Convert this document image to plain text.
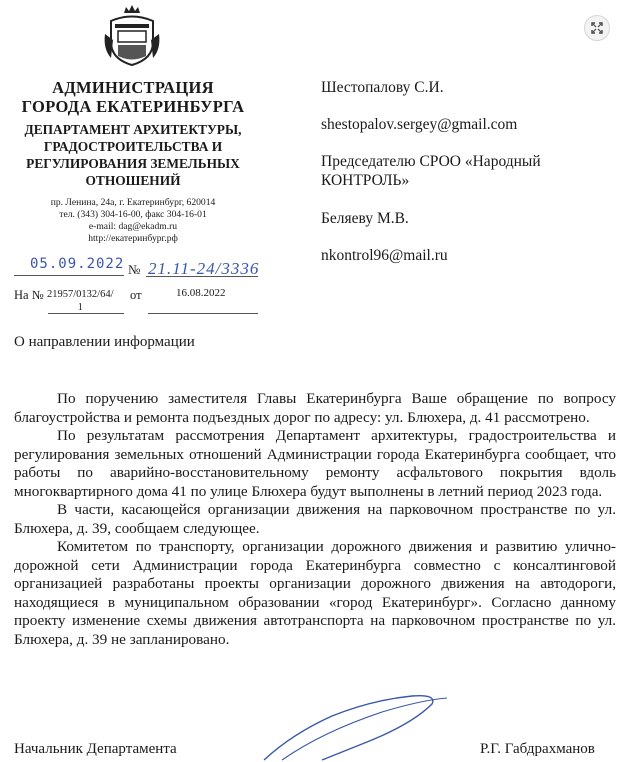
АДМИНИСТРАЦИЯ
ГОРОДА ЕКАТЕРИНБУРГА
ДЕПАРТАМЕНТ АРХИТЕКТУРЫ,
ГРАДОСТРОИТЕЛЬСТВА И
РЕГУЛИРОВАНИЯ ЗЕМЕЛЬНЫХ
ОТНОШЕНИЙ
пр. Ленина, 24а, г. Екатеринбург, 620014
тел. (343) 304-16-00, факс 304-16-01
e-mail: dag@ekadm.ru
http://екатеринбург.рф
05.09.2022 № 21.11-24/3336
На № 21957/0132/64/
1
от	16.08.2022
Шестопалову С.И.
shestopalov.sergey@gmail.com
Председателю СРОО «Народный КОНТРОЛЬ»
Беляеву М.В.
nkontrol96@mail.ru
О направлении информации

По поручению заместителя Главы Екатеринбурга Ваше обращение по вопросу благоустройства и ремонта подъездных дорог по адресу: ул. Блюхера, д. 41 рассмотрено.

По результатам рассмотрения Департамент архитектуры, градостроительства и регулирования земельных отношений Администрации города Екатеринбурга сообщает, что работы по аварийно-восстановительному ремонту асфальтового покрытия вдоль многоквартирного дома 41 по улице Блюхера будут выполнены в летний период 2023 года.

В части, касающейся организации движения на парковочном пространстве по ул. Блюхера, д. 39, сообщаем следующее.

Комитетом по транспорту, организации дорожного движения и развитию улично-дорожной сети Администрации города Екатеринбурга совместно с консалтинговой организацией разработаны проекты организации дорожного движения на автодороги, находящиеся в муниципальном образовании «город Екатеринбург». Согласно данному проекту изменение схемы движения автотранспорта на парковочном пространстве по ул. Блюхера, д. 39 не запланировано.

Начальник Департамента	Р.Г. Габдрахманов
